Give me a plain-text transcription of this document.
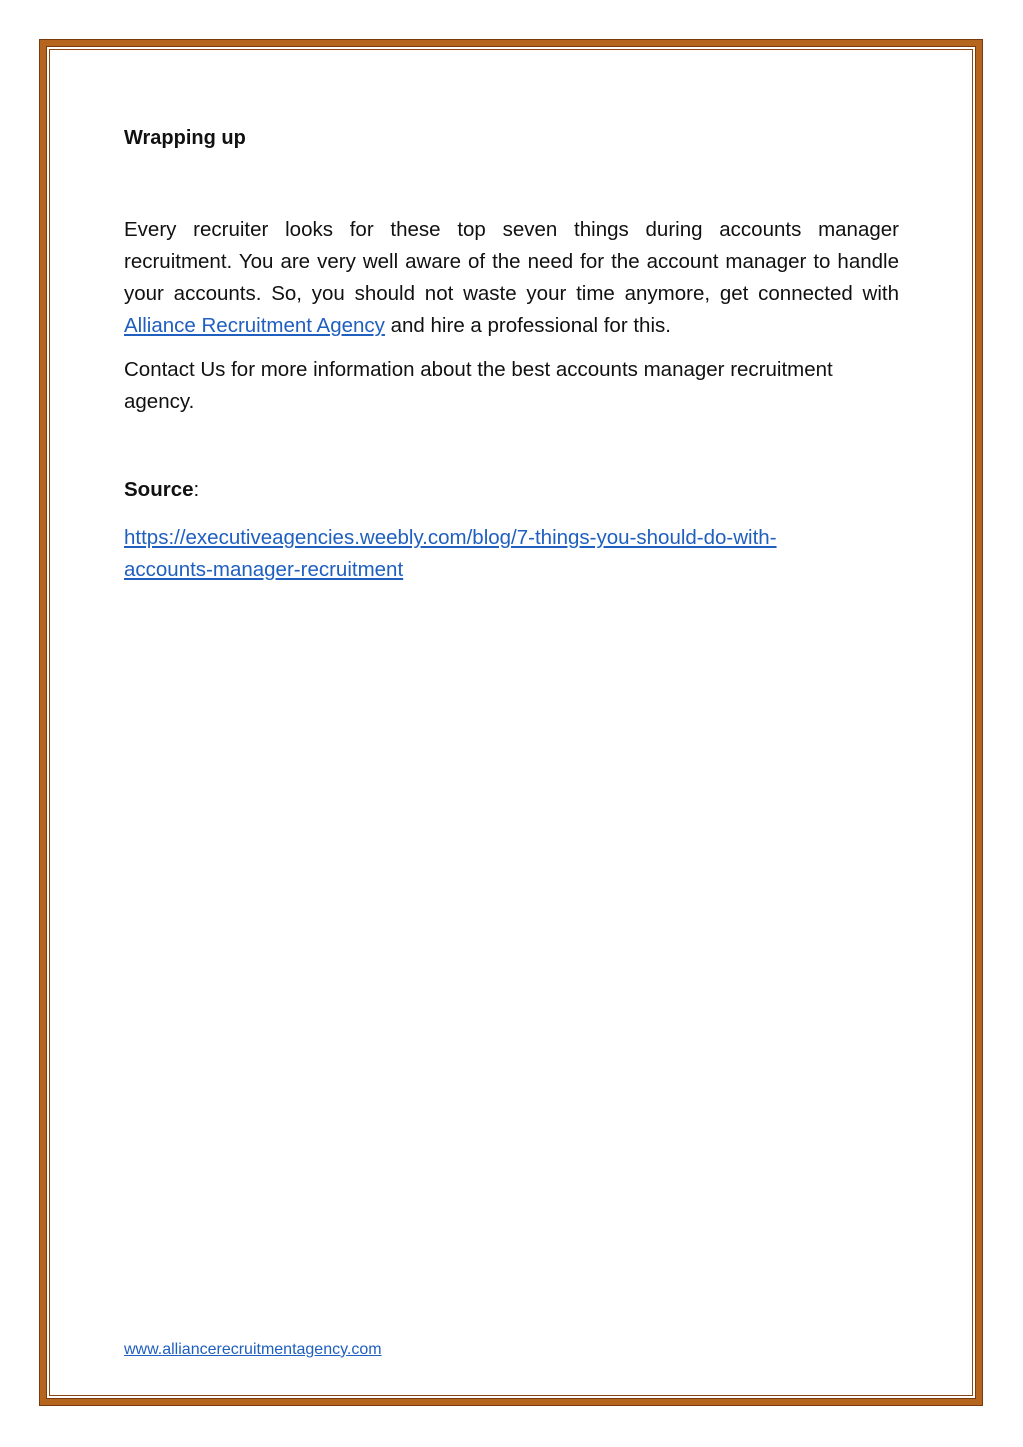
Wrapping up

Every recruiter looks for these top seven things during accounts manager recruitment. You are very well aware of the need for the account manager to handle your accounts. So, you should not waste your time anymore, get connected with Alliance Recruitment Agency and hire a professional for this.

Contact Us for more information about the best accounts manager recruitment agency.

Source:

https://executiveagencies.weebly.com/blog/7-things-you-should-do-with-
accounts-manager-recruitment

www.alliancerecruitmentagency.com
